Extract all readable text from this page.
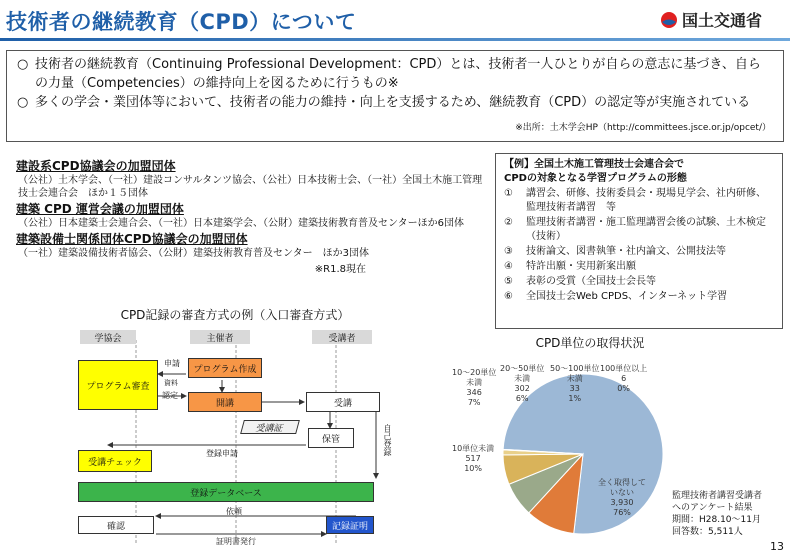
技術者の継続教育（CPD）について	国土交通省
○ 技術者の継続教育（Continuing Professional Development：CPD）とは、技術者一人ひとりが自らの意志に基づき、自らの力量（Competencies）の維持向上を図るために行うもの※
○ 多くの学会・業団体等において、技術者の能力の維持・向上を支援するため、継続教育（CPD）の認定等が実施されている
※出所：土木学会HP（http://committees.jsce.or.jp/opcet/）
建設系CPD協議会の加盟団体
（公社）土木学会、（一社）建設コンサルタンツ協会、（公社）日本技術士会、（一社）全国土木施工管理技士会連合会　ほか１５団体
建築 CPD 運営会議の加盟団体
（公社）日本建築士会連合会、（一社）日本建築学会、（公財）建築技術教育普及センターほか6団体
建築設備士関係団体CPD協議会の加盟団体
（一社）建築設備技術者協会、（公財）建築技術教育普及センター　ほか3団体
※R1.8現在
【例】全国土木施工管理技士会連合会で
CPDの対象となる学習プログラムの形態
①	講習会、研修、技術委員会・現場見学会、社内研修、監理技術者講習　等
②	監理技術者講習・施工監理講習会後の試験、土木検定（技術）
③	技術論文、図書執筆・社内論文、公開技法等
④	特許出願・実用新案出願
⑤	表彰の受賞（全国技士会長等
⑥	全国技士会Web CPDS、インターネット学習
CPD記録の審査方式の例（入口審査方式）
学協会	主催者	受講者
プログラム審査
プログラム作成
申請
資料
認定
開講	受講
受講証
保管	自己登録
登録申請
受講チェック
登録データベース
依頼
確認	記録証明
証明書発行
CPD単位の取得状況
全く取得して
いない
3,930
76%
10単位未満
517
10%
10～20単位
未満
346
7%
20～50単位
未満
302
6%
50～100単位
未満
33
1%
100単位以上
6
0%
監理技術者講習受講者
へのアンケート結果
期間：H28.10～11月
回答数：5,511人
13
